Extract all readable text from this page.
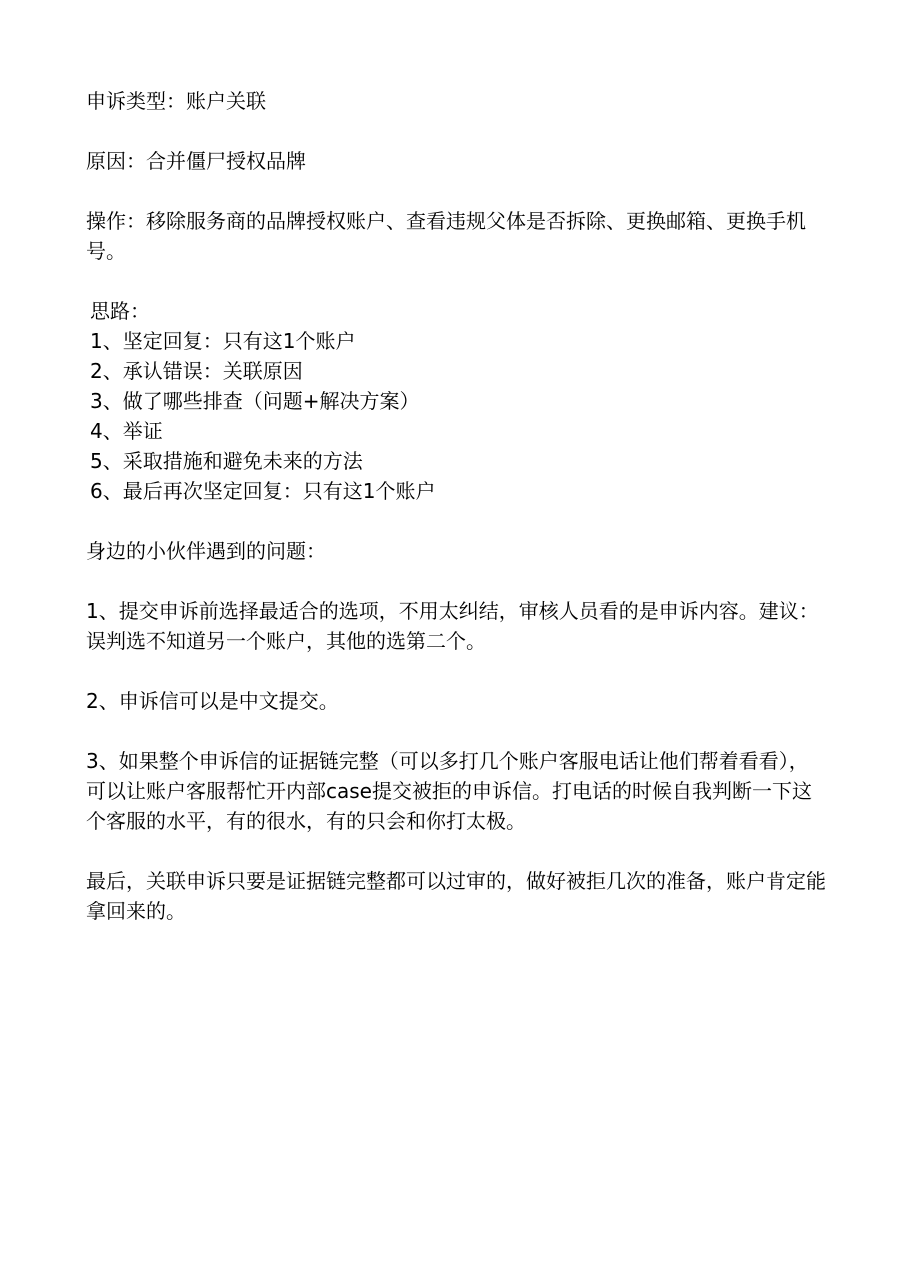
申诉类型：账户关联

原因：合并僵尸授权品牌

操作：移除服务商的品牌授权账户、查看违规父体是否拆除、更换邮箱、更换手机号。

思路：
1、坚定回复：只有这1个账户
2、承认错误：关联原因
3、做了哪些排查（问题+解决方案）
4、举证
5、采取措施和避免未来的方法
6、最后再次坚定回复：只有这1个账户

身边的小伙伴遇到的问题：

1、提交申诉前选择最适合的选项，不用太纠结，审核人员看的是申诉内容。建议：误判选不知道另一个账户，其他的选第二个。

2、申诉信可以是中文提交。

3、如果整个申诉信的证据链完整（可以多打几个账户客服电话让他们帮着看看），可以让账户客服帮忙开内部case提交被拒的申诉信。打电话的时候自我判断一下这个客服的水平，有的很水，有的只会和你打太极。

最后，关联申诉只要是证据链完整都可以过审的，做好被拒几次的准备，账户肯定能拿回来的。
